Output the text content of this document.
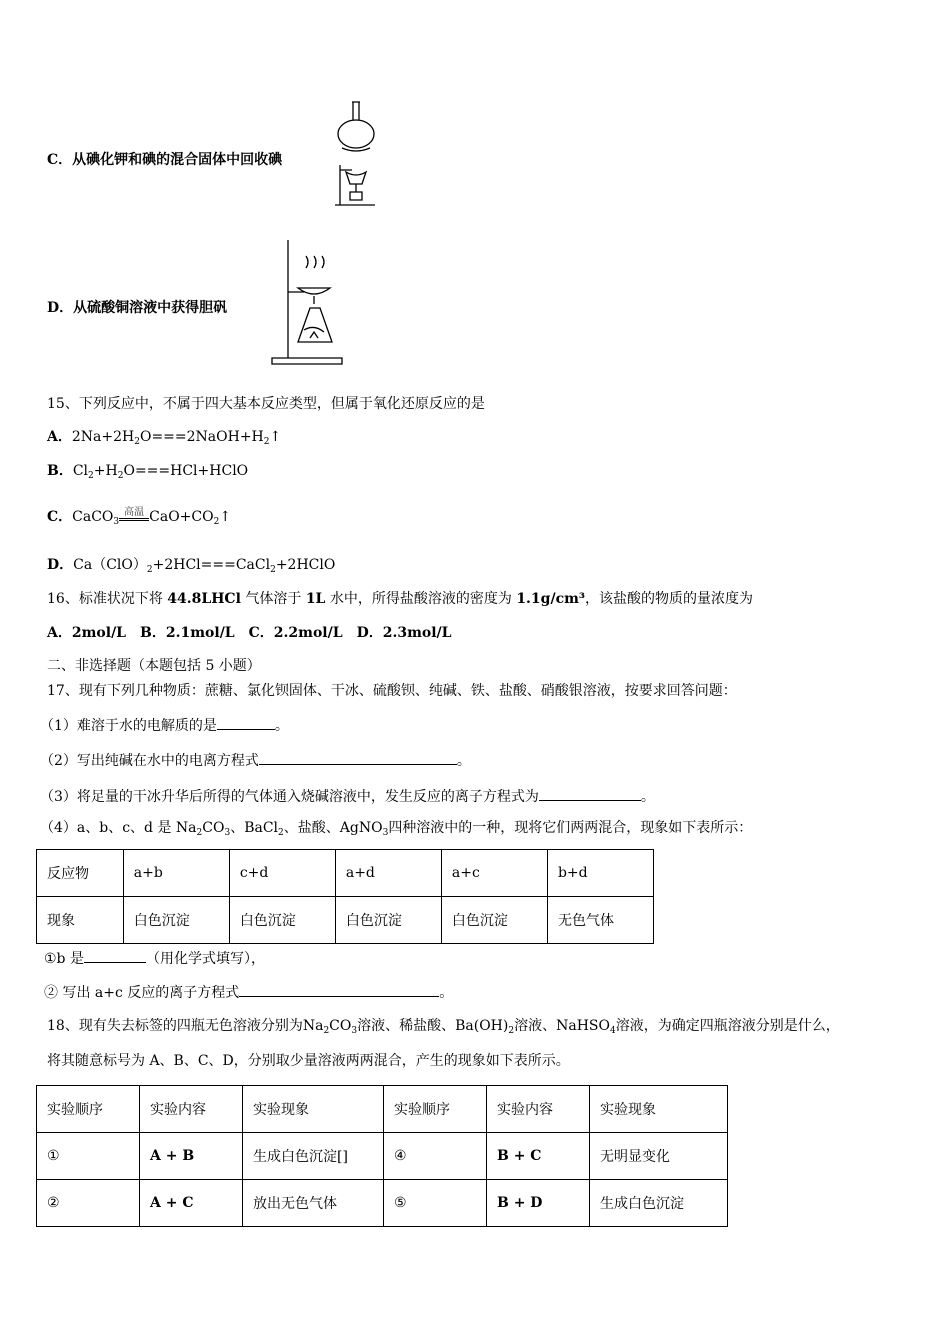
C．从碘化钾和碘的混合固体中回收碘
D．从硫酸铜溶液中获得胆矾
15、下列反应中，不属于四大基本反应类型，但属于氧化还原反应的是
A．$2Na+2H_2O===2NaOH+H_2↑$
B．$Cl_2+H_2O===HCl+HClO$
C．CaCO$_3$
高温 $CaO+CO_2↑$
D．$Ca(ClO)_2+2HCl===CaCl_2+2HClO$
16、标准状况下将 44.8LHCl 气体溶于 1L 水中，所得盐酸溶液的密度为 1.1g/cm³，该盐酸的物质的量浓度为
A．2mol/L　B．2.1mol/L　C．2.2mol/L　D．2.3mol/L
二、非选择题（本题包括 5 小题）
17、现有下列几种物质：蔗糖、氯化钡固体、干冰、硫酸钡、纯碱、铁、盐酸、硝酸银溶液，按要求回答问题：
（1）难溶于水的电解质的是	。
（2）写出纯碱在水中的电离方程式	。
（3）将足量的干冰升华后所得的气体通入烧碱溶液中，发生反应的离子方程式为	。
（4）a、b、c、d 是 $Na_2CO_3$、BaCl$_2$、盐酸、AgNO$_3$四种溶液中的一种，现将它们两两混合，现象如下表所示：
反应物	a+b	c+d	a+d	a+c	b+d
现象	白色沉淀	白色沉淀	白色沉淀	白色沉淀	无色气体
①b 是	（用化学式填写），
② 写出 a+c 反应的离子方程式	。
18、现有失去标签的四瓶无色溶液分别为$Na_2CO_3$溶液、稀盐酸、$Ba(OH)_2$溶液、NaHSO$_4$溶液，为确定四瓶溶液分别是什么，
将其随意标号为 A、B、C、D，分别取少量溶液两两混合，产生的现象如下表所示。
实验顺序	实验内容	实验现象	实验顺序	实验内容	实验现象
①	A + B	生成白色沉淀[]	④	B + C	无明显变化
②	A + C	放出无色气体	⑤	B + D	生成白色沉淀
